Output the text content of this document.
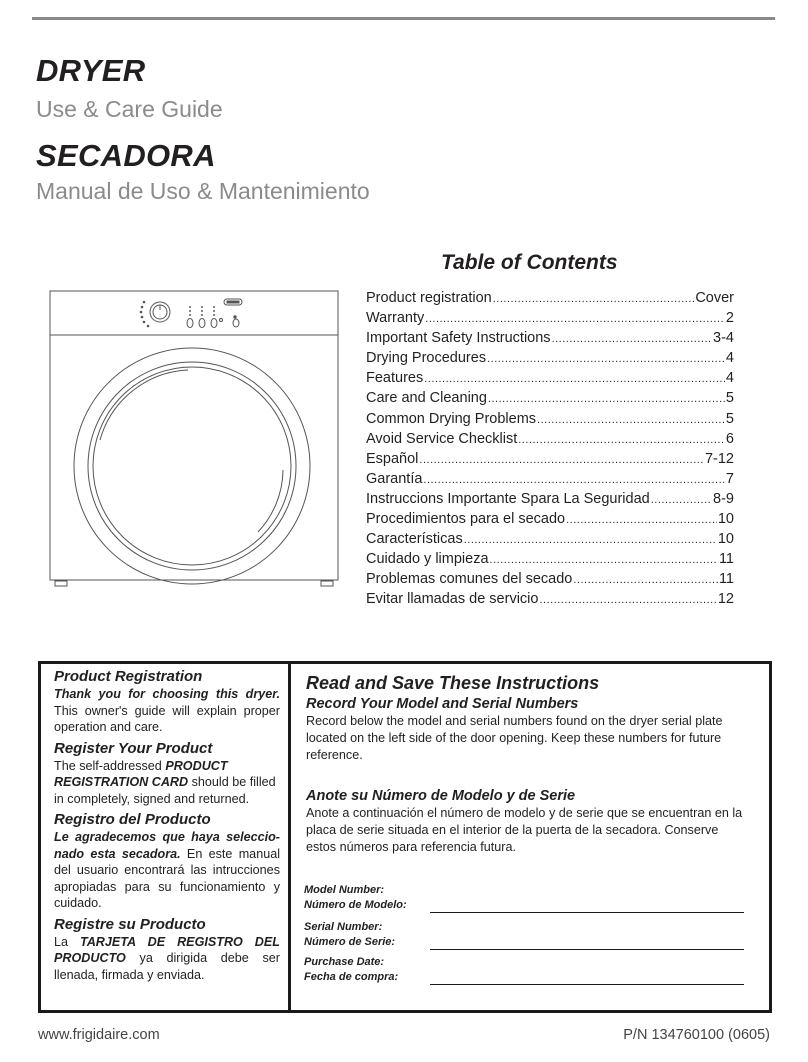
DRYER
Use & Care Guide
SECADORA
Manual de Uso & Mantenimiento
Table of Contents
Product registration .....	Cover
Warranty .....	2
Important Safety Instructions .....	3-4
Drying Procedures .....	4
Features .....	4
Care and Cleaning .....	5
Common Drying Problems .....	5
Avoid Service Checklist .....	6
Español .....	7-12
Garantía .....	7
Instruccions Importante Spara La Seguridad .....	8-9
Procedimientos para el secado .....	10
Características .....	10
Cuidado y limpieza .....	11
Problemas comunes del secado .....	11
Evitar llamadas de servicio .....	12
Product Registration

Thank you for choosing this dryer. This owner's guide will explain proper operation and care.

Register Your Product

The self-addressed PRODUCT REGISTRATION CARD should be filled in completely, signed and returned.

Registro del Producto

Le agradecemos que haya seleccio-nado esta secadora. En este manual del usuario encontrará las intrucciones apropiadas para su funcionamiento y cuidado.

Registre su Producto

La TARJETA DE REGISTRO DEL PRODUCTO ya dirigida debe ser llenada, firmada y enviada.

Read and Save These Instructions
Record Your Model and Serial Numbers

Record below the model and serial numbers found on the dryer serial plate located on the left side of the door opening. Keep these numbers for future reference.

Anote su Número de Modelo y de Serie

Anote a continuación el número de modelo y de serie que se encuentran en la placa de serie situada en el interior de la puerta de la secadora. Conserve estos números para referencia futura.

Model Number:
Número de Modelo:
Serial Number:
Número de Serie:
Purchase Date:
Fecha de compra:
www.frigidaire.com	P/N 134760100 (0605)
